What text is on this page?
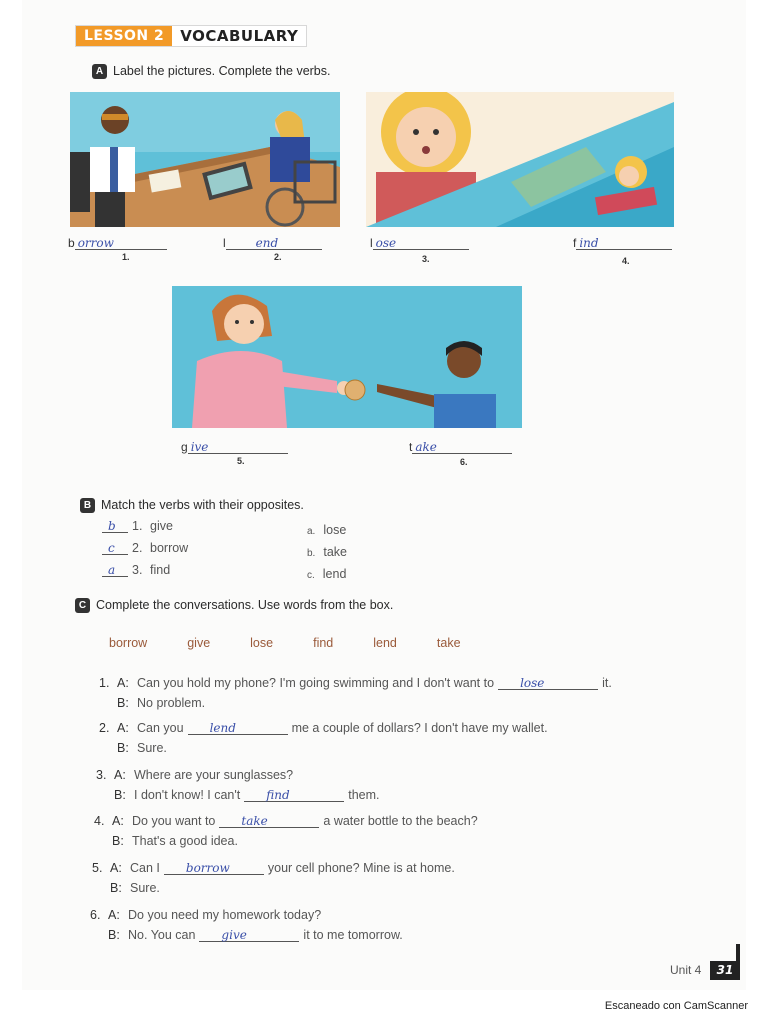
LESSON 2	VOCABULARY
A Label the pictures. Complete the verbs.
b orrow
1.
l	end
2.
l ose
3.
f ind
4.
g ive
5.
t ake
6.
B Match the verbs with their opposites.
b 1. give
c 2. borrow
a 3. find
a. lose
b. take
c. lend
C Complete the conversations. Use words from the box.
borrow	give	lose	find	lend	take
1. A: Can you hold my phone? I'm going swimming and I don't want to lose	it.
B: No problem.
2. A: Can you lend	me a couple of dollars? I don't have my wallet.
B: Sure.
3. A: Where are your sunglasses?
B: I don't know! I can't find	them.
4. A: Do you want to take	a water bottle to the beach?
B: That's a good idea.
5. A: Can I borrow	your cell phone? Mine is at home.
B: Sure.
6. A: Do you need my homework today?
B: No. You can give	it to me tomorrow.
Unit 4	31
Escaneado con CamScanner
